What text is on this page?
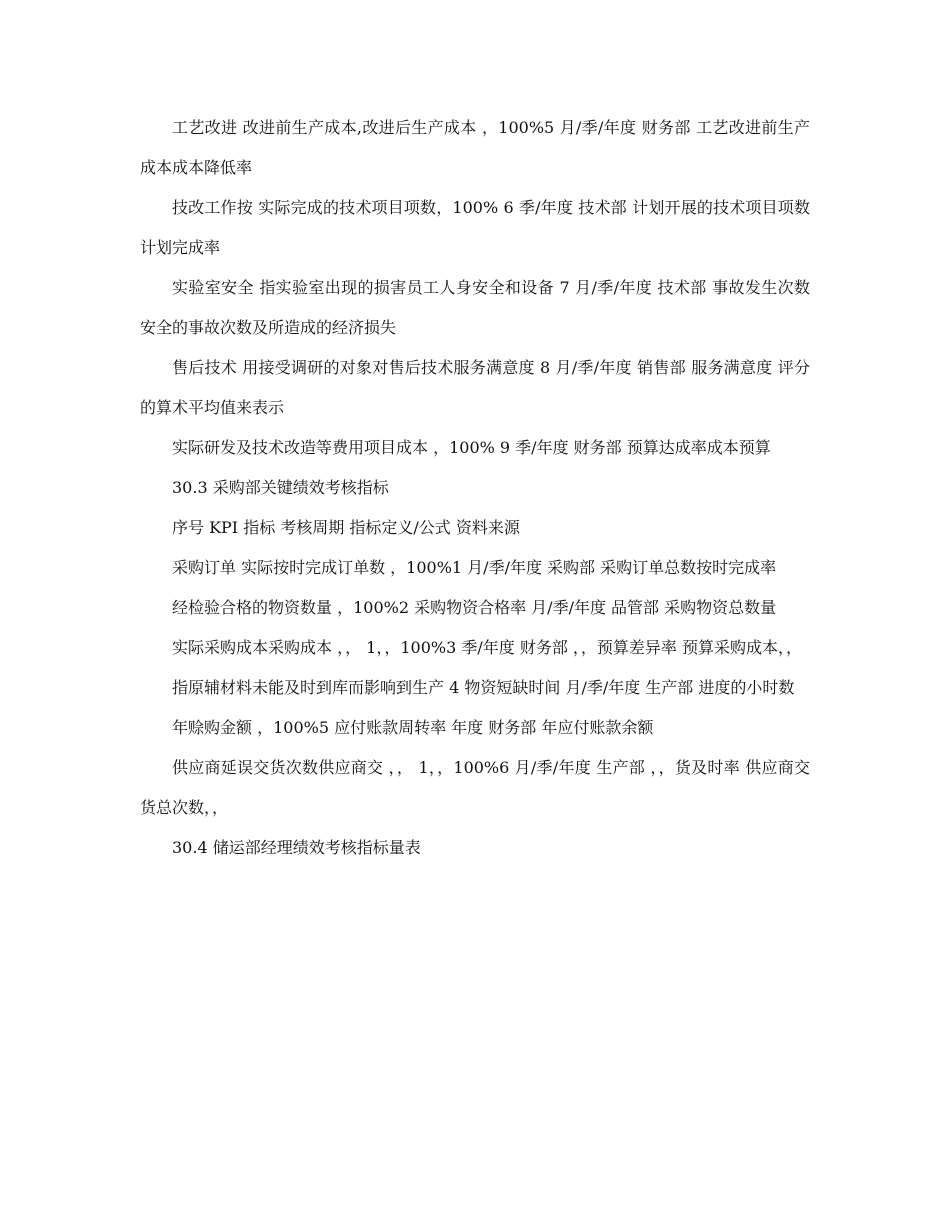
工艺改进 改进前生产成本,改进后生产成本 ，100%5 月/季/年度 财务部 工艺改进前生产成本成本降低率

技改工作按 实际完成的技术项目项数，100% 6 季/年度 技术部 计划开展的技术项目项数计划完成率

实验室安全 指实验室出现的损害员工人身安全和设备 7 月/季/年度 技术部 事故发生次数 安全的事故次数及所造成的经济损失

售后技术 用接受调研的对象对售后技术服务满意度 8 月/季/年度 销售部 服务满意度 评分的算术平均值来表示

实际研发及技术改造等费用项目成本 ，100% 9 季/年度 财务部 预算达成率成本预算

30.3 采购部关键绩效考核指标

序号 KPI 指标 考核周期 指标定义/公式 资料来源

采购订单 实际按时完成订单数 ，100%1 月/季/年度 采购部 采购订单总数按时完成率

经检验合格的物资数量 ，100%2 采购物资合格率 月/季/年度 品管部 采购物资总数量

实际采购成本采购成本 ，， 1，，100%3 季/年度 财务部 ，，预算差异率 预算采购成本，，

指原辅材料未能及时到库而影响到生产 4 物资短缺时间 月/季/年度 生产部 进度的小时数

年赊购金额 ，100%5 应付账款周转率 年度 财务部 年应付账款余额

供应商延误交货次数供应商交 ，， 1，，100%6 月/季/年度 生产部 ，，货及时率 供应商交货总次数，，

30.4 储运部经理绩效考核指标量表
